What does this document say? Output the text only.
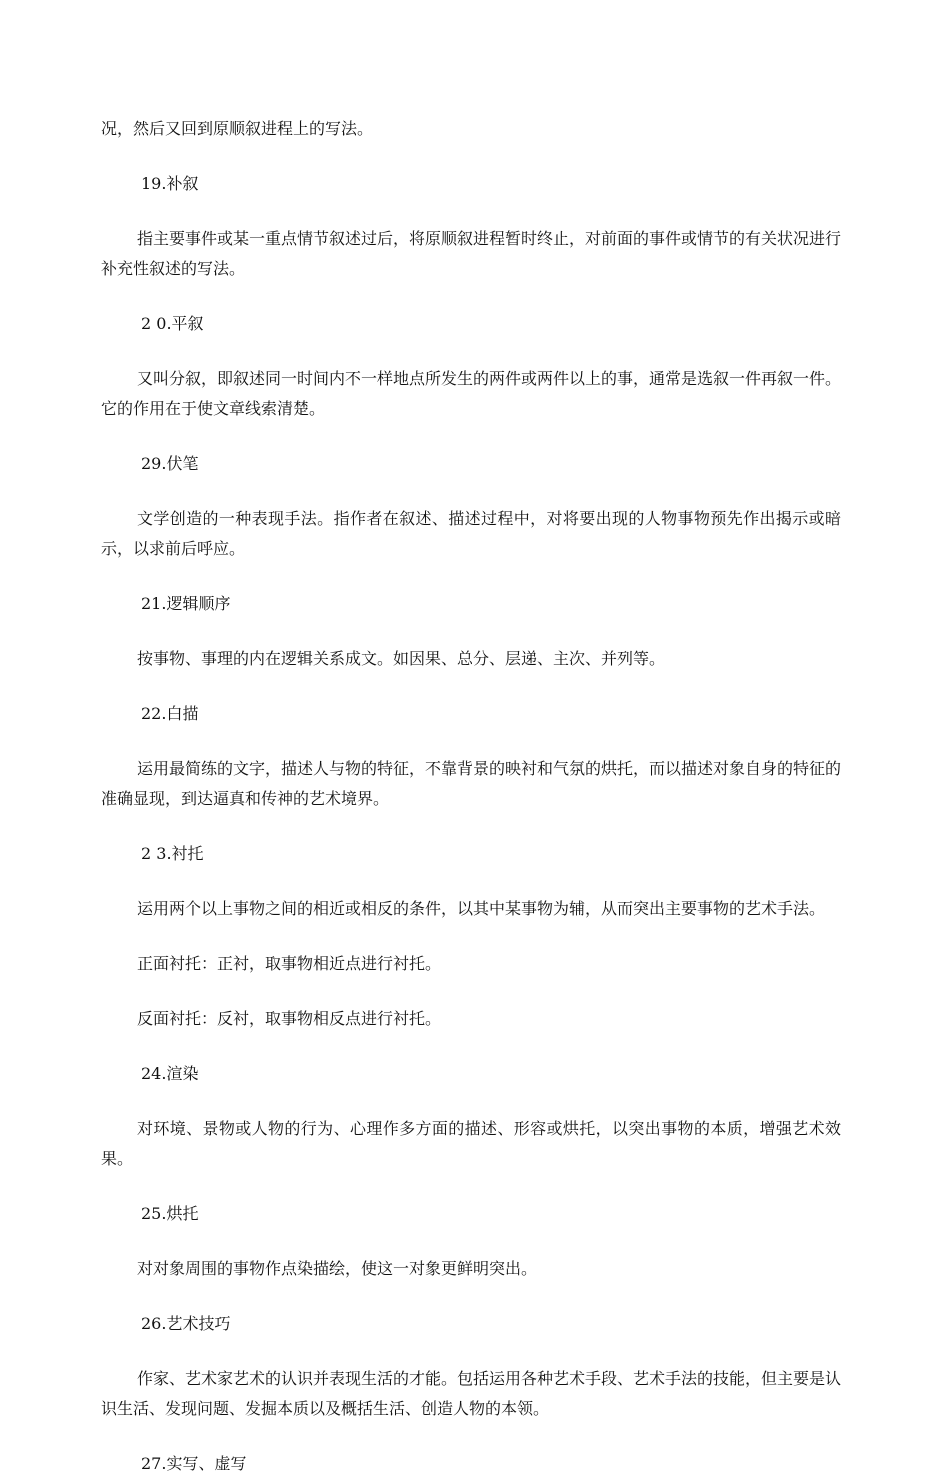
况，然后又回到原顺叙进程上的写法。

19.补叙

指主要事件或某一重点情节叙述过后，将原顺叙进程暂时终止，对前面的事件或情节的有关状况进行补充性叙述的写法。

2 0.平叙

又叫分叙，即叙述同一时间内不一样地点所发生的两件或两件以上的事，通常是选叙一件再叙一件。它的作用在于使文章线索清楚。

29.伏笔

文学创造的一种表现手法。指作者在叙述、描述过程中，对将要出现的人物事物预先作出揭示或暗示，以求前后呼应。

21.逻辑顺序

按事物、事理的内在逻辑关系成文。如因果、总分、层递、主次、并列等。

22.白描

运用最简练的文字，描述人与物的特征，不靠背景的映衬和气氛的烘托，而以描述对象自身的特征的准确显现，到达逼真和传神的艺术境界。

2 3.衬托

运用两个以上事物之间的相近或相反的条件，以其中某事物为辅，从而突出主要事物的艺术手法。

正面衬托：正衬，取事物相近点进行衬托。

反面衬托：反衬，取事物相反点进行衬托。

24.渲染

对环境、景物或人物的行为、心理作多方面的描述、形容或烘托，以突出事物的本质，增强艺术效果。

25.烘托

对对象周围的事物作点染描绘，使这一对象更鲜明突出。

26.艺术技巧

作家、艺术家艺术的认识并表现生活的才能。包括运用各种艺术手段、艺术手法的技能，但主要是认识生活、发现问题、发掘本质以及概括生活、创造人物的本领。

27.实写、虚写
